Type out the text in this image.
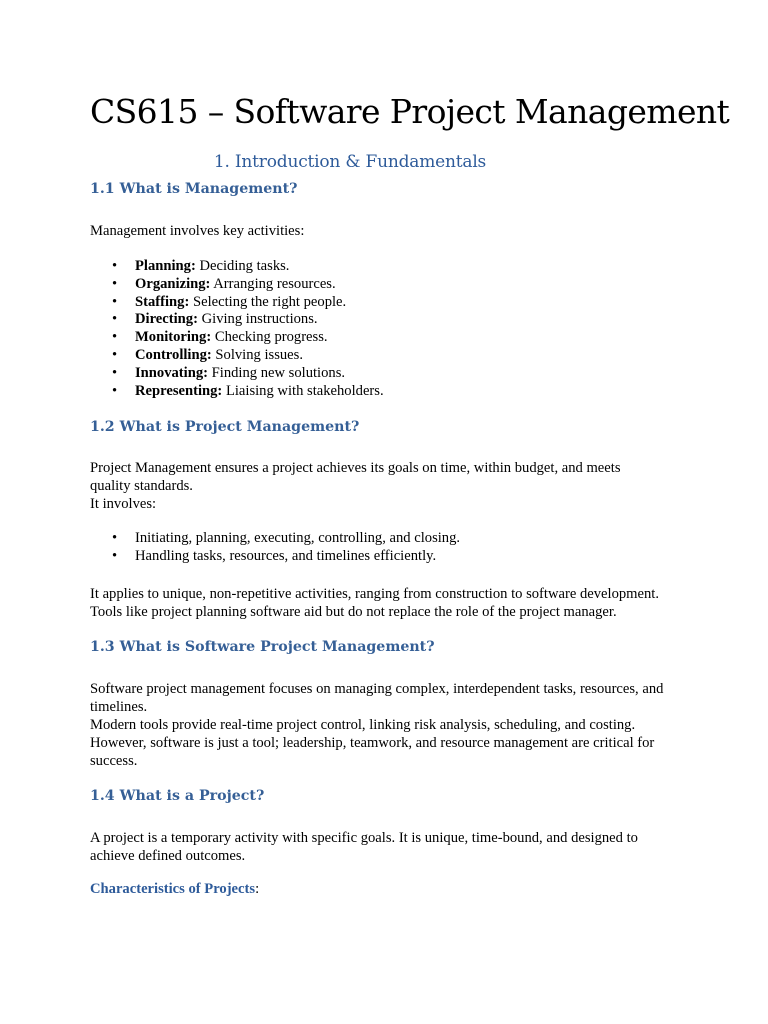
CS615 – Software Project Management
1. Introduction & Fundamentals
1.1 What is Management?

Management involves key activities:

• Planning: Deciding tasks.
• Organizing: Arranging resources.
• Staffing: Selecting the right people.
• Directing: Giving instructions.
• Monitoring: Checking progress.
• Controlling: Solving issues.
• Innovating: Finding new solutions.
• Representing: Liaising with stakeholders.
1.2 What is Project Management?

Project Management ensures a project achieves its goals on time, within budget, and meets quality standards.

It involves:

• Initiating, planning, executing, controlling, and closing.
• Handling tasks, resources, and timelines efficiently.

It applies to unique, non-repetitive activities, ranging from construction to software development.

Tools like project planning software aid but do not replace the role of the project manager.

1.3 What is Software Project Management?

Software project management focuses on managing complex, interdependent tasks, resources, and timelines.

Modern tools provide real-time project control, linking risk analysis, scheduling, and costing.

However, software is just a tool; leadership, teamwork, and resource management are critical for success.

1.4 What is a Project?

A project is a temporary activity with specific goals. It is unique, time-bound, and designed to achieve defined outcomes.

Characteristics of Projects:
